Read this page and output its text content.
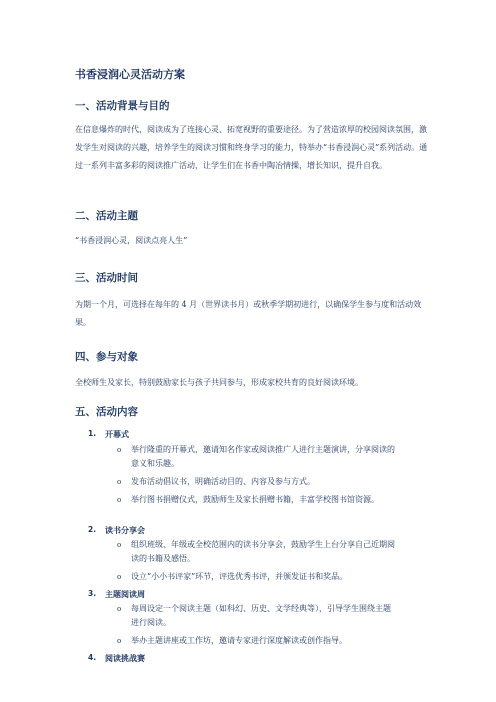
书香浸润心灵活动方案
一、活动背景与目的
在信息爆炸的时代，阅读成为了连接心灵、拓宽视野的重要途径。为了营造浓厚的校园阅读氛围，激发学生对阅读的兴趣，培养学生的阅读习惯和终身学习的能力，特举办“书香浸润心灵”系列活动。通过一系列丰富多彩的阅读推广活动，让学生们在书香中陶冶情操，增长知识，提升自我。
二、活动主题
“书香浸润心灵，阅读点亮人生”
三、活动时间
为期一个月，可选择在每年的 4 月（世界读书月）或秋季学期初进行，以确保学生参与度和活动效果。
四、参与对象
全校师生及家长，特别鼓励家长与孩子共同参与，形成家校共育的良好阅读环境。
五、活动内容
1. 开幕式
o 举行隆重的开幕式，邀请知名作家或阅读推广人进行主题演讲，分享阅读的意义和乐趣。
o 发布活动倡议书，明确活动目的、内容及参与方式。
o 举行图书捐赠仪式，鼓励师生及家长捐赠书籍，丰富学校图书馆资源。
2. 读书分享会
o 组织班级、年级或全校范围内的读书分享会，鼓励学生上台分享自己近期阅读的书籍及感悟。
o 设立“小小书评家”环节，评选优秀书评，并颁发证书和奖品。
3. 主题阅读周
o 每周设定一个阅读主题（如科幻、历史、文学经典等），引导学生围绕主题进行阅读。
o 举办主题讲座或工作坊，邀请专家进行深度解读或创作指导。
4. 阅读挑战赛
